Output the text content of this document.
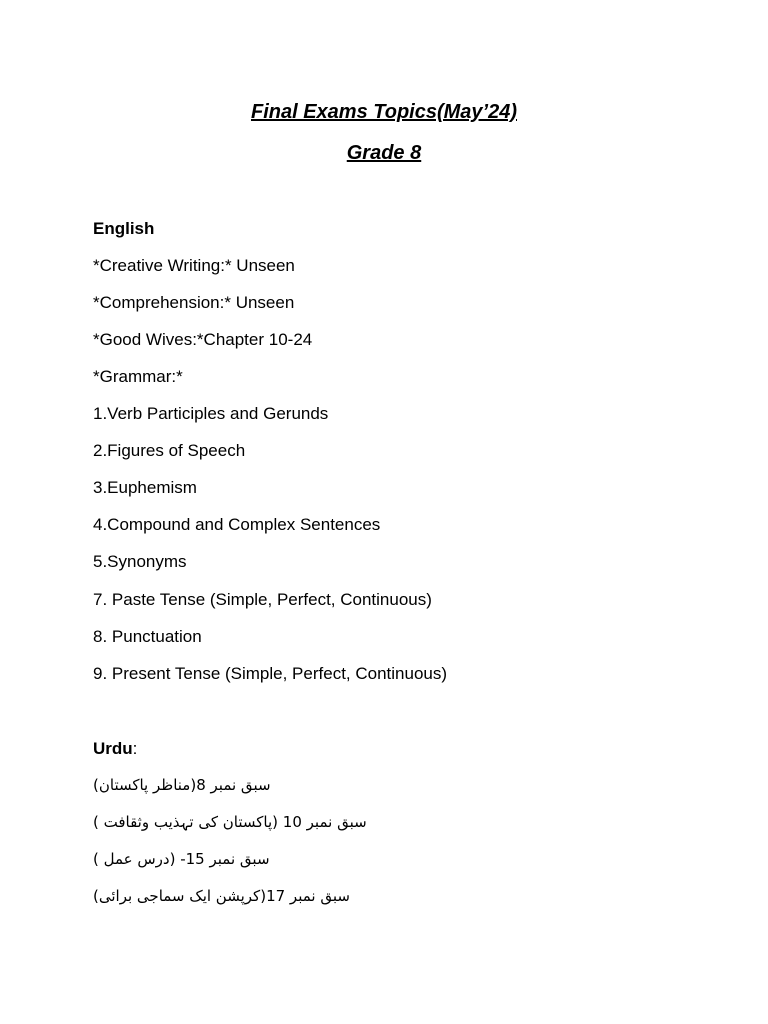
Final Exams Topics(May’24)
Grade 8
English
*Creative Writing:* Unseen
*Comprehension:* Unseen
*Good Wives:*Chapter 10-24
*Grammar:*
1.Verb Participles and Gerunds
2.Figures of Speech
3.Euphemism
4.Compound and Complex Sentences
5.Synonyms
7. Paste Tense (Simple, Perfect, Continuous)
8. Punctuation
9. Present Tense (Simple, Perfect, Continuous)
Urdu:
سبق نمبر 8(مناظر پاکستان)
سبق نمبر 10 (پاکستان کی تہذیب وثقافت )
سبق نمبر 15- (درس عمل )
سبق نمبر 17(کرپشن ایک سماجی برائی)
